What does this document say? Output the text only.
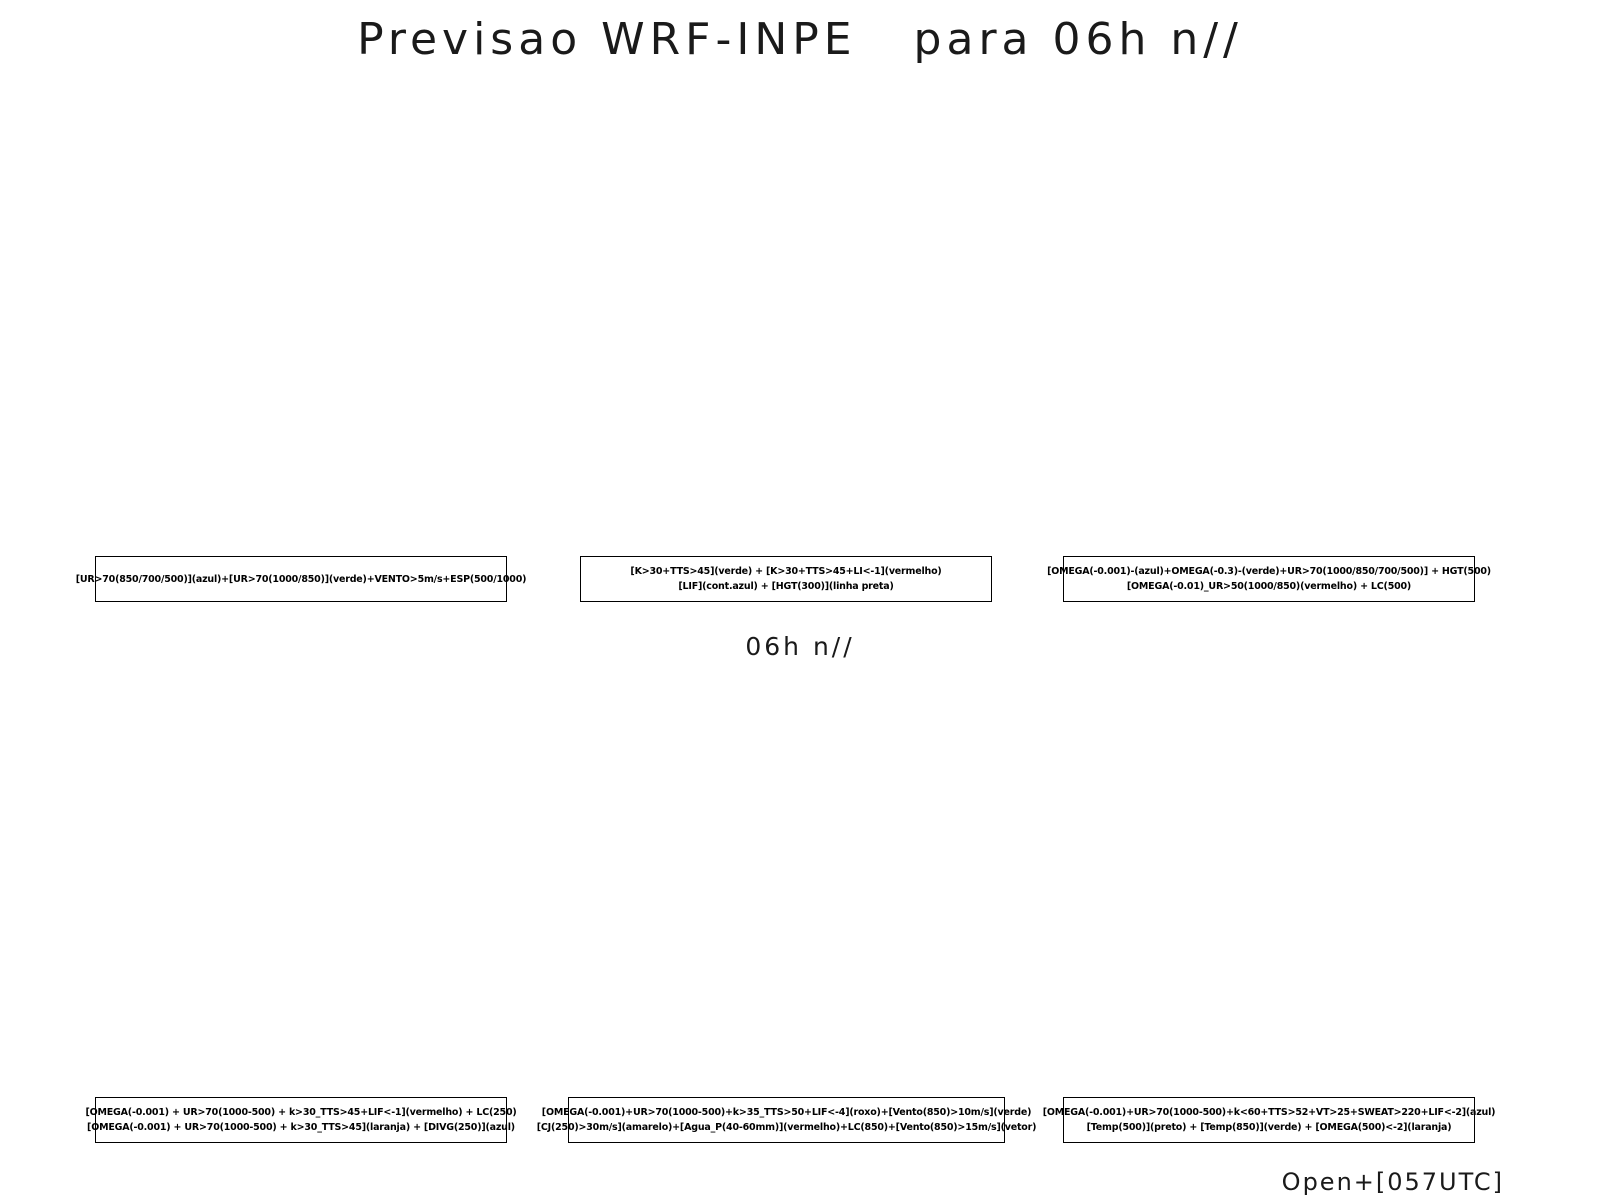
Previsao WRF-INPE   para 06h n//
[UR>70(850/700/500)](azul)+[UR>70(1000/850)](verde)+VENTO>5m/s+ESP(500/1000)
[K>30+TTS>45](verde) + [K>30+TTS>45+LI<-1](vermelho)
[LIF](cont.azul) + [HGT(300)](linha preta)
[OMEGA(-0.001)-(azul)+OMEGA(-0.3)-(verde)+UR>70(1000/850/700/500)] + HGT(500)
[OMEGA(-0.01)_UR>50(1000/850)(vermelho) + LC(500)
06h n//
[OMEGA(-0.001) + UR>70(1000-500) + k>30_TTS>45+LIF<-1](vermelho) + LC(250)
[OMEGA(-0.001) + UR>70(1000-500) + k>30_TTS>45](laranja) + [DIVG(250)](azul)
[OMEGA(-0.001)+UR>70(1000-500)+k>35_TTS>50+LIF<-4](roxo)+[Vento(850)>10m/s](verde)
[CJ(250)>30m/s](amarelo)+[Agua_P(40-60mm)](vermelho)+LC(850)+[Vento(850)>15m/s](vetor)
[OMEGA(-0.001)+UR>70(1000-500)+k<60+TTS>52+VT>25+SWEAT>220+LIF<-2](azul)
[Temp(500)](preto) + [Temp(850)](verde) + [OMEGA(500)<-2](laranja)
Open+[057UTC]
